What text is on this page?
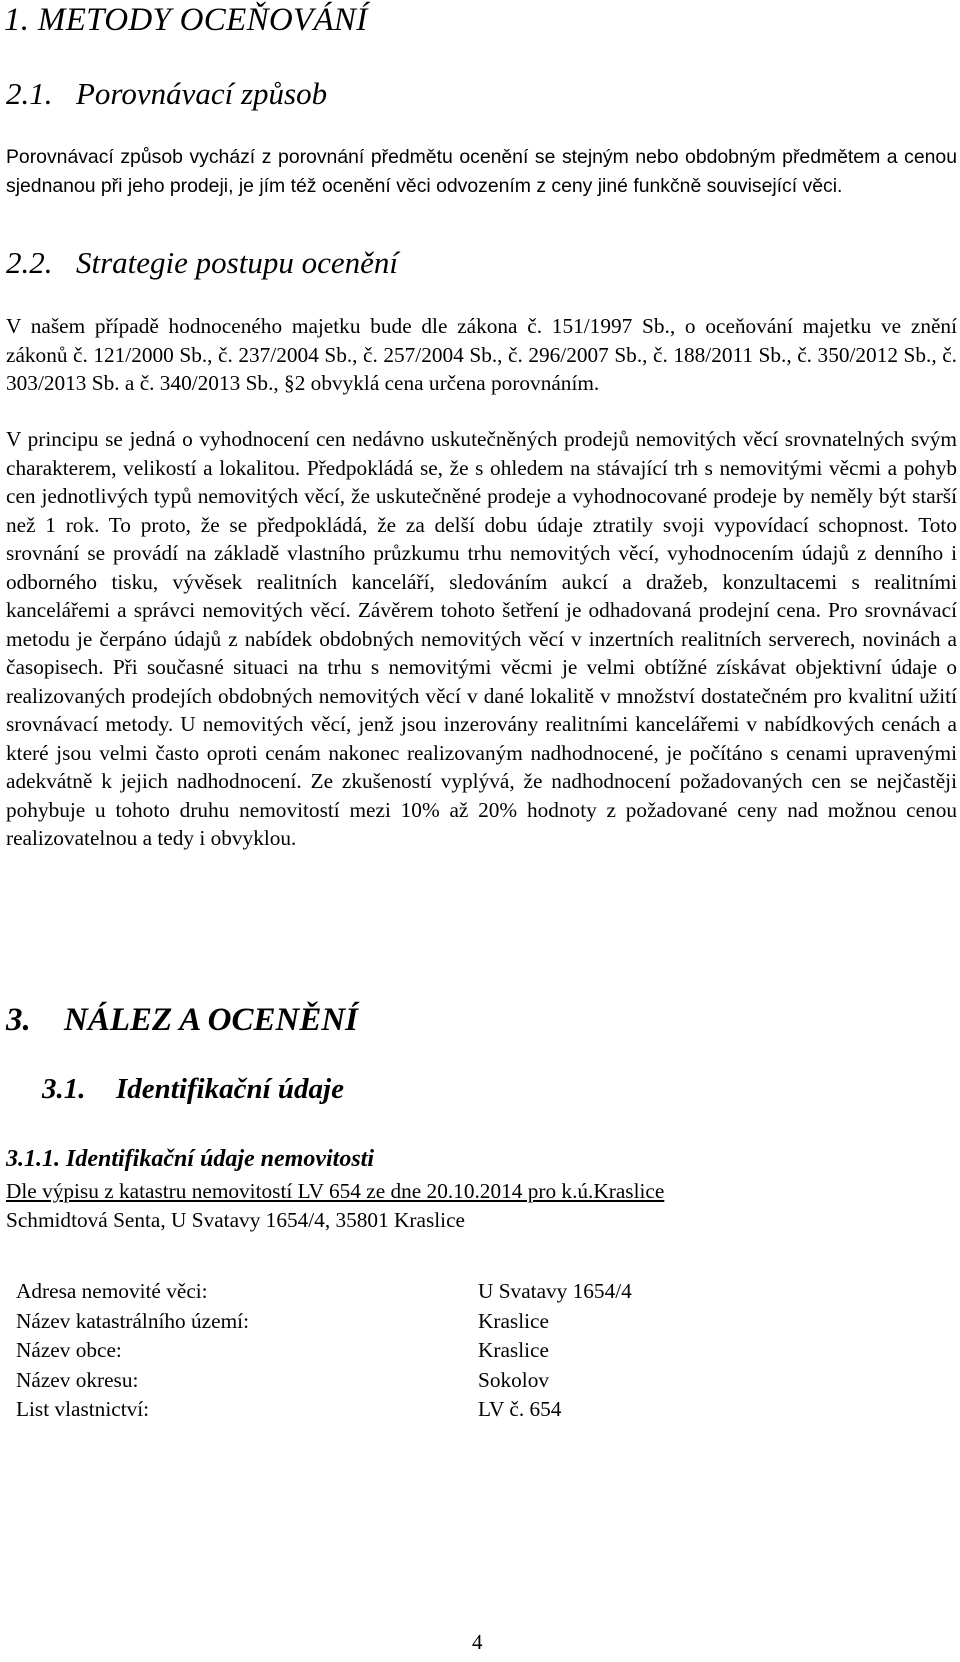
1. METODY OCEŇOVÁNÍ
2.1. Porovnávací způsob

Porovnávací způsob vychází z porovnání předmětu ocenění se stejným nebo obdobným předmětem a cenou sjednanou při jeho prodeji, je jím též ocenění věci odvozením z ceny jiné funkčně související věci.

2.2. Strategie postupu ocenění

V našem případě hodnoceného majetku bude dle zákona č. 151/1997 Sb., o oceňování majetku ve znění zákonů č. 121/2000 Sb., č. 237/2004 Sb., č. 257/2004 Sb., č. 296/2007 Sb., č. 188/2011 Sb., č. 350/2012 Sb., č. 303/2013 Sb. a č. 340/2013 Sb., §2 obvyklá cena určena porovnáním.

V principu se jedná o vyhodnocení cen nedávno uskutečněných prodejů nemovitých věcí srovnatelných svým charakterem, velikostí a lokalitou. Předpokládá se, že s ohledem na stávající trh s nemovitými věcmi a pohyb cen jednotlivých typů nemovitých věcí, že uskutečněné prodeje a vyhodnocované prodeje by neměly být starší než 1 rok. To proto, že se předpokládá, že za delší dobu údaje ztratily svoji vypovídací schopnost. Toto srovnání se provádí na základě vlastního průzkumu trhu nemovitých věcí, vyhodnocením údajů z denního i odborného tisku, vývěsek realitních kanceláří, sledováním aukcí a dražeb, konzultacemi s realitními kancelářemi a správci nemovitých věcí. Závěrem tohoto šetření je odhadovaná prodejní cena. Pro srovnávací metodu je čerpáno údajů z nabídek obdobných nemovitých věcí v inzertních realitních serverech, novinách a časopisech. Při současné situaci na trhu s nemovitými věcmi je velmi obtížné získávat objektivní údaje o realizovaných prodejích obdobných nemovitých věcí v dané lokalitě v množství dostatečném pro kvalitní užití srovnávací metody. U nemovitých věcí, jenž jsou inzerovány realitními kancelářemi v nabídkových cenách a které jsou velmi často oproti cenám nakonec realizovaným nadhodnocené, je počítáno s cenami upravenými adekvátně k jejich nadhodnocení. Ze zkušeností vyplývá, že nadhodnocení požadovaných cen se nejčastěji pohybuje u tohoto druhu nemovitostí mezi 10% až 20% hodnoty z požadované ceny nad možnou cenou realizovatelnou a tedy i obvyklou.

3. NÁLEZ A OCENĚNÍ
3.1. Identifikační údaje
3.1.1. Identifikační údaje nemovitosti

Dle výpisu z katastru nemovitostí LV 654 ze dne 20.10.2014 pro k.ú.Kraslice

Schmidtová Senta, U Svatavy 1654/4, 35801 Kraslice

Adresa nemovité věci:	U Svatavy 1654/4
Název katastrálního území:	Kraslice
Název obce:	Kraslice
Název okresu:	Sokolov
List vlastnictví:	LV č. 654
4
